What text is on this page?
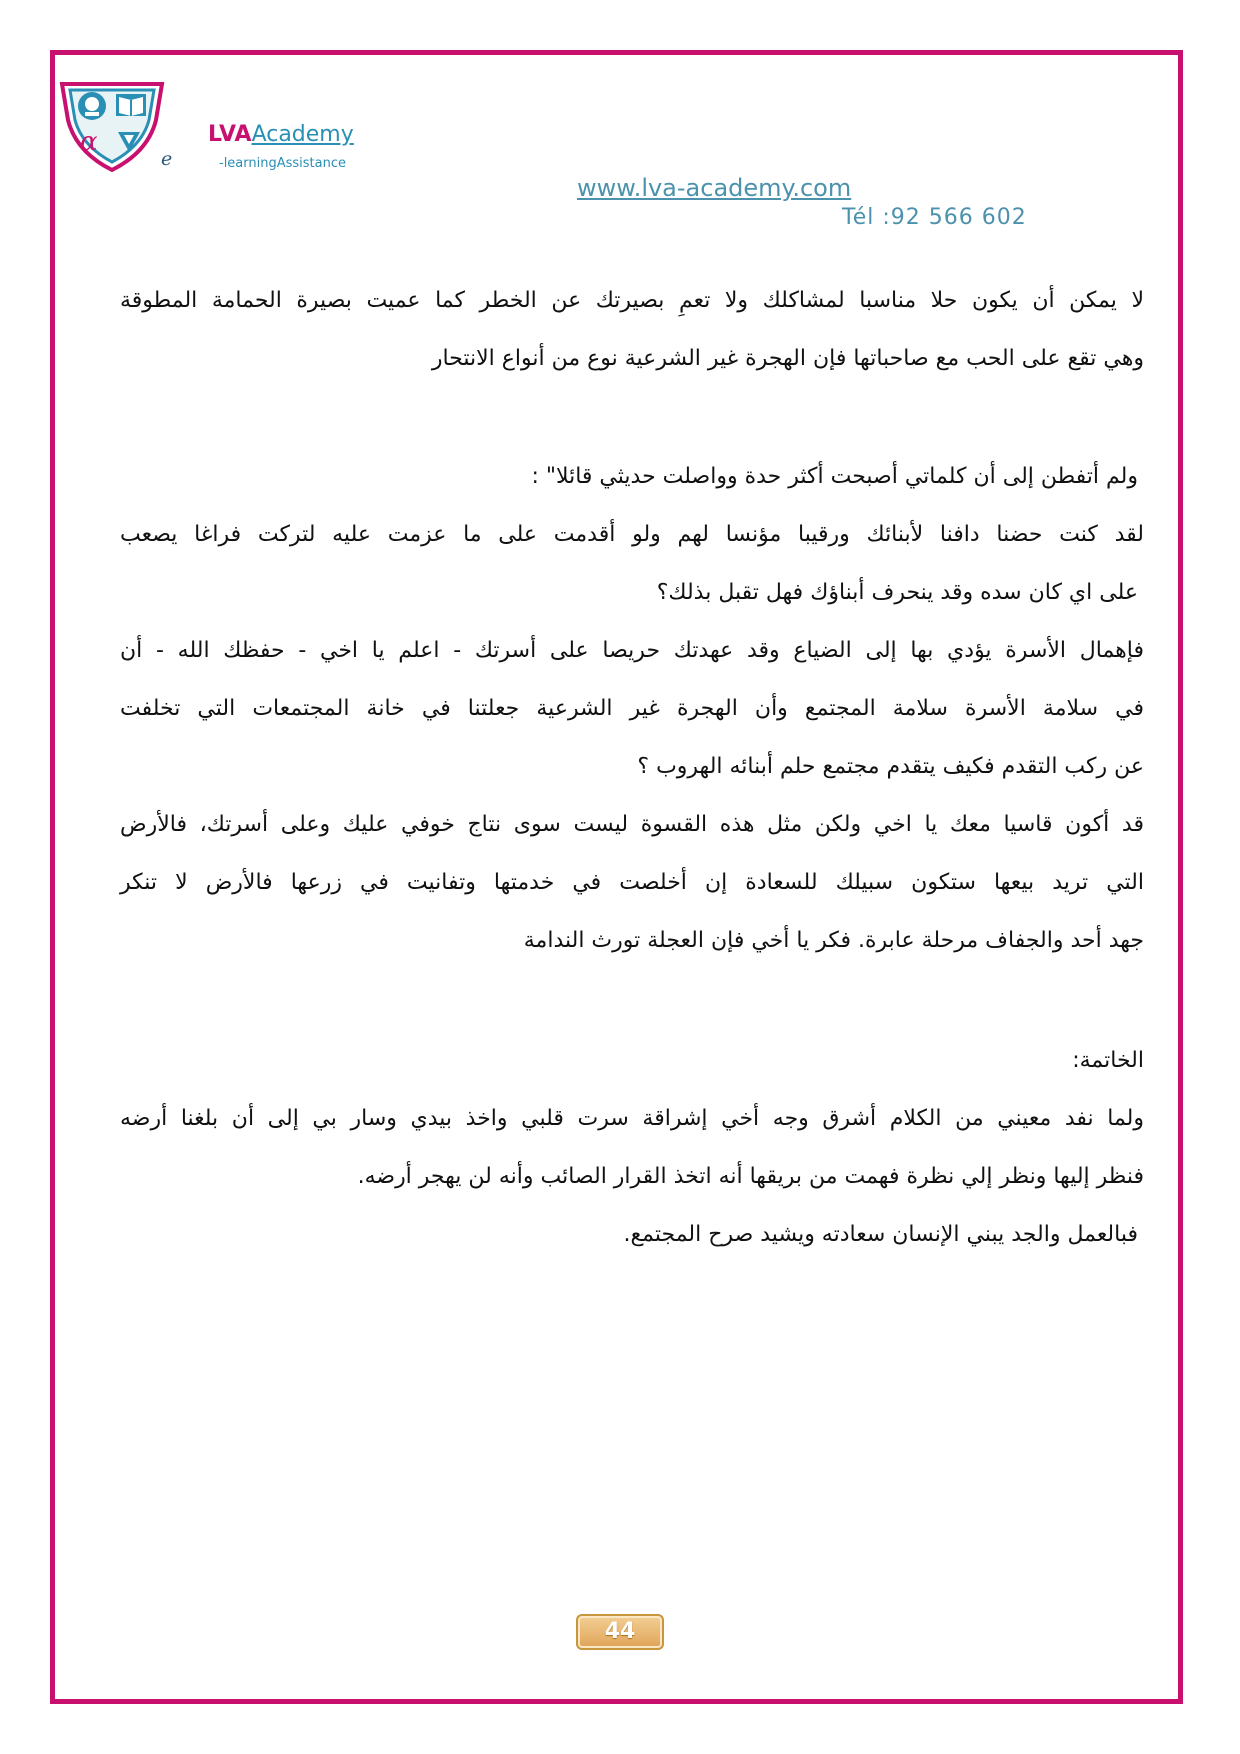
α
e
LVAAcademy
-learningAssistance
www.lva-academy.com
Tél :92 566 602

لا يمكن أن يكون حلا مناسبا لمشاكلك ولا تعمِ بصيرتك عن الخطر كما عميت بصيرة الحمامة المطوقة

وهي تقع على الحب مع صاحباتها فإن الهجرة غير الشرعية نوع من أنواع الانتحار

ولم أتفطن إلى أن كلماتي أصبحت أكثر حدة وواصلت حديثي قائلا" :

لقد كنت حضنا دافنا لأبنائك ورقيبا مؤنسا لهم ولو أقدمت على ما عزمت عليه لتركت فراغا يصعب

على اي كان سده وقد ينحرف أبناؤك فهل تقبل بذلك؟

فإهمال الأسرة يؤدي بها إلى الضياع وقد عهدتك حريصا على أسرتك - اعلم يا اخي - حفظك الله - أن

في سلامة الأسرة سلامة المجتمع وأن الهجرة غير الشرعية جعلتنا في خانة المجتمعات التي تخلفت

عن ركب التقدم فكيف يتقدم مجتمع حلم أبنائه الهروب ؟

قد أكون قاسيا معك يا اخي ولكن مثل هذه القسوة ليست سوى نتاج خوفي عليك وعلى أسرتك، فالأرض

التي تريد بيعها ستكون سبيلك للسعادة إن أخلصت في خدمتها وتفانيت في زرعها فالأرض لا تنكر

جهد أحد والجفاف مرحلة عابرة. فكر يا أخي فإن العجلة تورث الندامة

الخاتمة:

ولما نفد معيني من الكلام أشرق وجه أخي إشراقة سرت قلبي واخذ بيدي وسار بي إلى أن بلغنا أرضه

فنظر إليها ونظر إلي نظرة فهمت من بريقها أنه اتخذ القرار الصائب وأنه لن يهجر أرضه.

فبالعمل والجد يبني الإنسان سعادته ويشيد صرح المجتمع.

44
